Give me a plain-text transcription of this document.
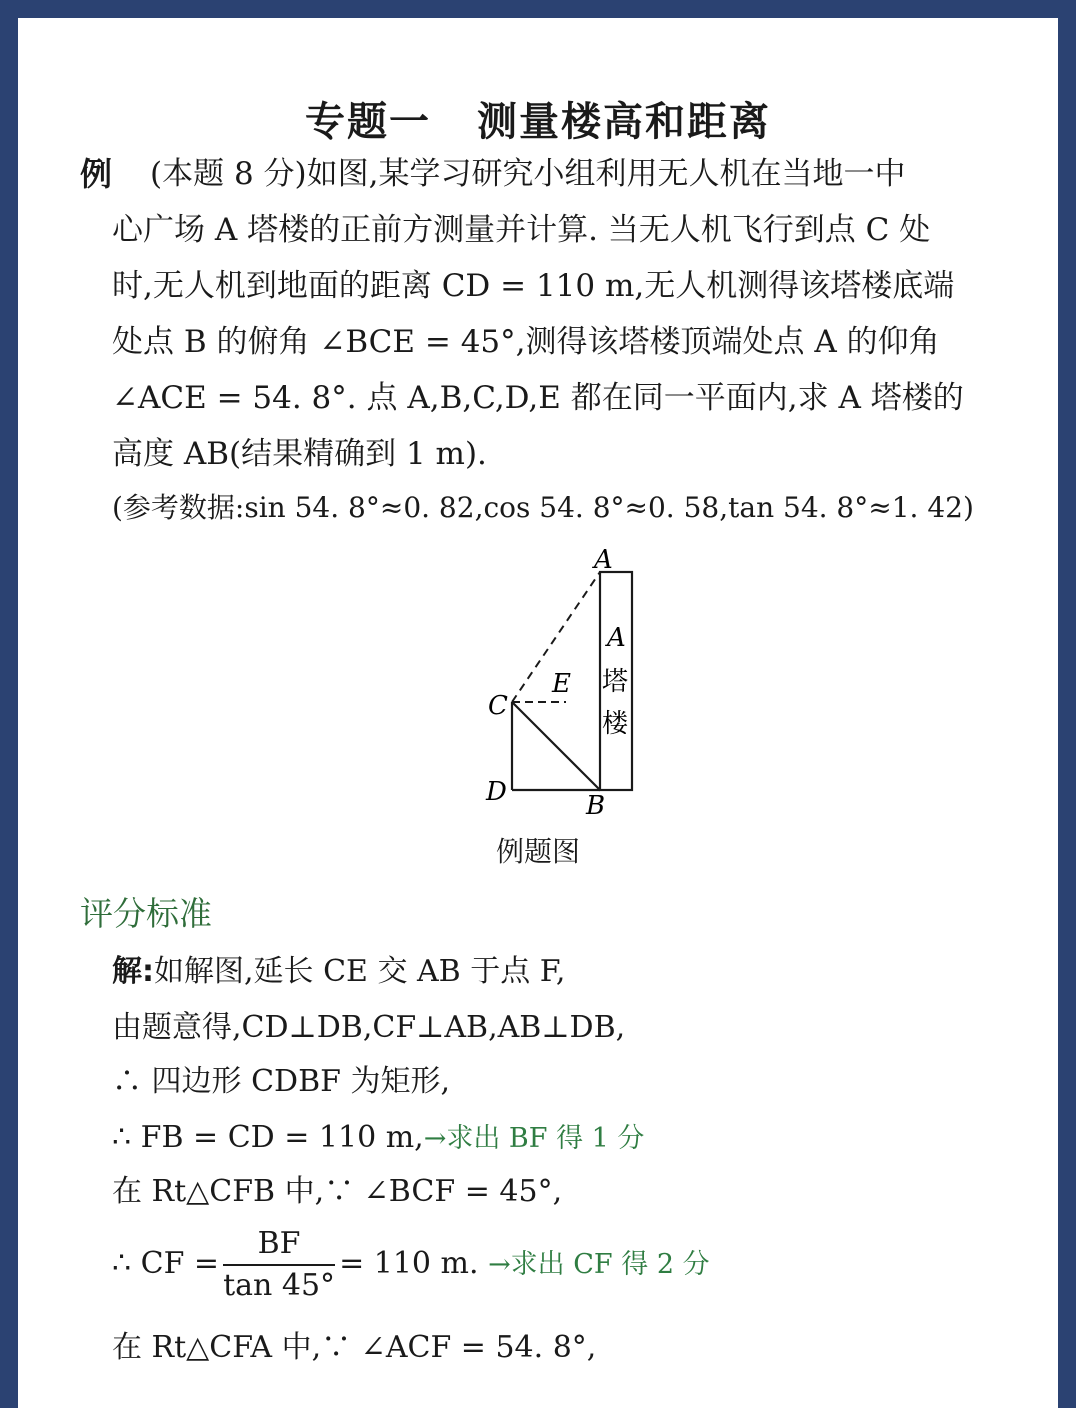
专题一 测量楼高和距离
例 (本题 8 分)如图,某学习研究小组利用无人机在当地一中
心广场 A 塔楼的正前方测量并计算. 当无人机飞行到点 C 处
时,无人机到地面的距离 CD = 110 m,无人机测得该塔楼底端
处点 B 的俯角 ∠BCE = 45°,测得该塔楼顶端处点 A 的仰角
∠ACE = 54. 8°. 点 A,B,C,D,E 都在同一平面内,求 A 塔楼的
高度 AB(结果精确到 1 m).
(参考数据:sin 54. 8°≈0. 82,cos 54. 8°≈0. 58,tan 54. 8°≈1. 42)
A
B
C
D
E
A
塔
楼
例题图
评分标准
解:如解图,延长 CE 交 AB 于点 F,
由题意得,CD⊥DB,CF⊥AB,AB⊥DB,
∴ 四边形 CDBF 为矩形,
∴ FB = CD = 110 m,→求出 BF 得 1 分
在 Rt△CFB 中,∵ ∠BCF = 45°,
∴ CF = $\frac{BF}{\tan 45^\circ} = 110$ m. →求出 CF 得 2 分
在 Rt△CFA 中,∵ ∠ACF = 54. 8°,
